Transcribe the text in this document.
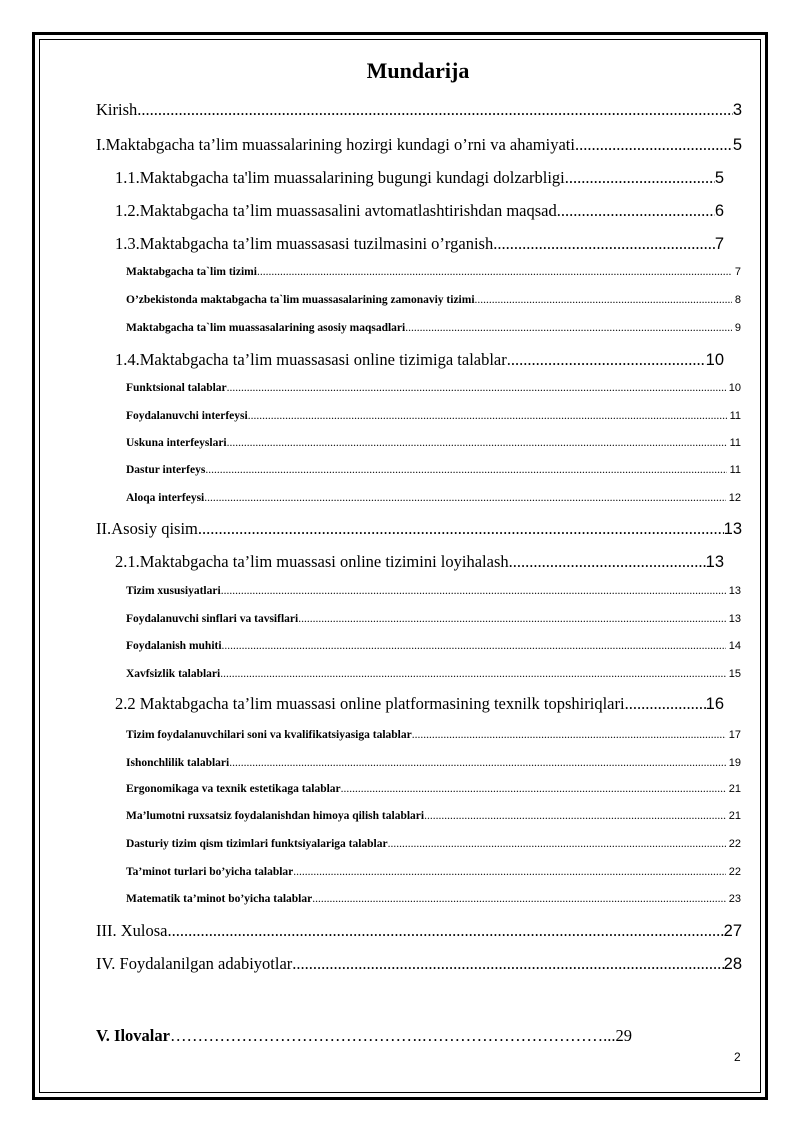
Mundarija
Kirish .....	3
I. Maktabgacha ta’lim muassalarining hozirgi kundagi o’rni va ahamiyati .....	5
1.1. Maktabgacha ta'lim muassalarining bugungi kundagi dolzarbligi .....	5
1.2. Maktabgacha ta’lim muassasalini avtomatlashtirishdan maqsad .....	6
1.3. Maktabgacha ta’lim muassasasi tuzilmasini o’rganish .....	7
Maktabgacha ta`lim tizimi .....	7
O’zbekistonda maktabgacha ta`lim muassasalarining zamonaviy tizimi .....	8
Maktabgacha ta`lim muassasalarining asosiy maqsadlari .....	9
1.4. Maktabgacha ta’lim muassasasi online tizimiga talablar .....	10
Funktsional talablar .....	10
Foydalanuvchi interfeysi .....	11
Uskuna interfeyslari .....	11
Dastur interfeys .....	11
Aloqa interfeysi .....	12
II. Asosiy qisim .....	13
2.1. Maktabgacha ta’lim muassasi online tizimini loyihalash .....	13
Tizim xususiyatlari .....	13
Foydalanuvchi sinflari va tavsiflari .....	13
Foydalanish muhiti .....	14
Xavfsizlik talablari .....	15
2.2 Maktabgacha ta’lim muassasi online platformasining texnilk topshiriqlari .....	16
Tizim foydalanuvchilari soni va kvalifikatsiyasiga talablar .....	17
Ishonchlilik talablari .....	19
Ergonomikaga va texnik estetikaga talablar .....	21
Ma’lumotni ruxsatsiz foydalanishdan himoya qilish talablari .....	21
Dasturiy tizim qism tizimlari funktsiyalariga talablar .....	22
Ta’minot turlari bo’yicha talablar .....	22
Matematik ta’minot bo’yicha talablar .....	23
III. Xulosa .....	27
IV. Foydalanilgan adabiyotlar .....	28
V. Ilovalar……………………………………….……………………………...29
2
